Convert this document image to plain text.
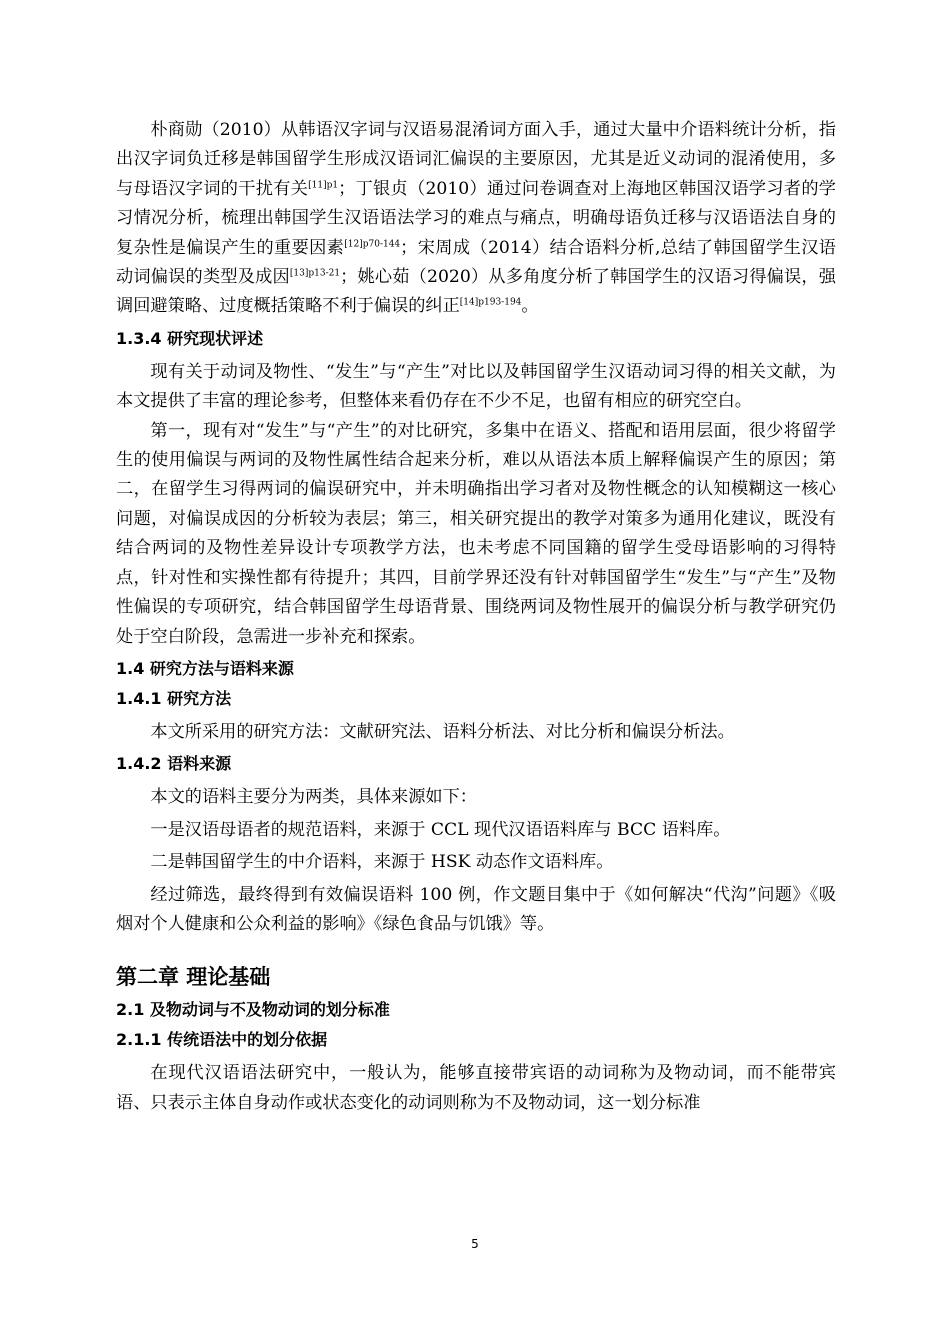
朴商勋（2010）从韩语汉字词与汉语易混淆词方面入手，通过大量中介语料统计分析，指出汉字词负迁移是韩国留学生形成汉语词汇偏误的主要原因，尤其是近义动词的混淆使用，多与母语汉字词的干扰有关$^{[11]p1}$；丁银贞（2010）通过问卷调查对上海地区韩国汉语学习者的学习情况分析，梳理出韩国学生汉语语法学习的难点与痛点，明确母语负迁移与汉语语法自身的复杂性是偏误产生的重要因素$^{[12]p70-144}$；宋周成（2014）结合语料分析,总结了韩国留学生汉语动词偏误的类型及成因$^{[13]p13-21}$；姚心茹（2020）从多角度分析了韩国学生的汉语习得偏误，强调回避策略、过度概括策略不利于偏误的纠正$^{[14]p193-194}$。

1.3.4 研究现状评述

现有关于动词及物性、“发生”与“产生”对比以及韩国留学生汉语动词习得的相关文献，为本文提供了丰富的理论参考，但整体来看仍存在不少不足，也留有相应的研究空白。

第一，现有对“发生”与“产生”的对比研究，多集中在语义、搭配和语用层面，很少将留学生的使用偏误与两词的及物性属性结合起来分析，难以从语法本质上解释偏误产生的原因；第二，在留学生习得两词的偏误研究中，并未明确指出学习者对及物性概念的认知模糊这一核心问题，对偏误成因的分析较为表层；第三，相关研究提出的教学对策多为通用化建议，既没有结合两词的及物性差异设计专项教学方法，也未考虑不同国籍的留学生受母语影响的习得特点，针对性和实操性都有待提升；其四，目前学界还没有针对韩国留学生“发生”与“产生”及物性偏误的专项研究，结合韩国留学生母语背景、围绕两词及物性展开的偏误分析与教学研究仍处于空白阶段，急需进一步补充和探索。

1.4 研究方法与语料来源
1.4.1 研究方法

本文所采用的研究方法：文献研究法、语料分析法、对比分析和偏误分析法。

1.4.2 语料来源

本文的语料主要分为两类，具体来源如下：

一是汉语母语者的规范语料，来源于 CCL 现代汉语语料库与 BCC 语料库。

二是韩国留学生的中介语料，来源于 HSK 动态作文语料库。

经过筛选，最终得到有效偏误语料 100 例，作文题目集中于《如何解决“代沟”问题》《吸烟对个人健康和公众利益的影响》《绿色食品与饥饿》等。

第二章 理论基础
2.1 及物动词与不及物动词的划分标准
2.1.1 传统语法中的划分依据

在现代汉语语法研究中，一般认为，能够直接带宾语的动词称为及物动词，而不能带宾语、只表示主体自身动作或状态变化的动词则称为不及物动词，这一划分标准

5
